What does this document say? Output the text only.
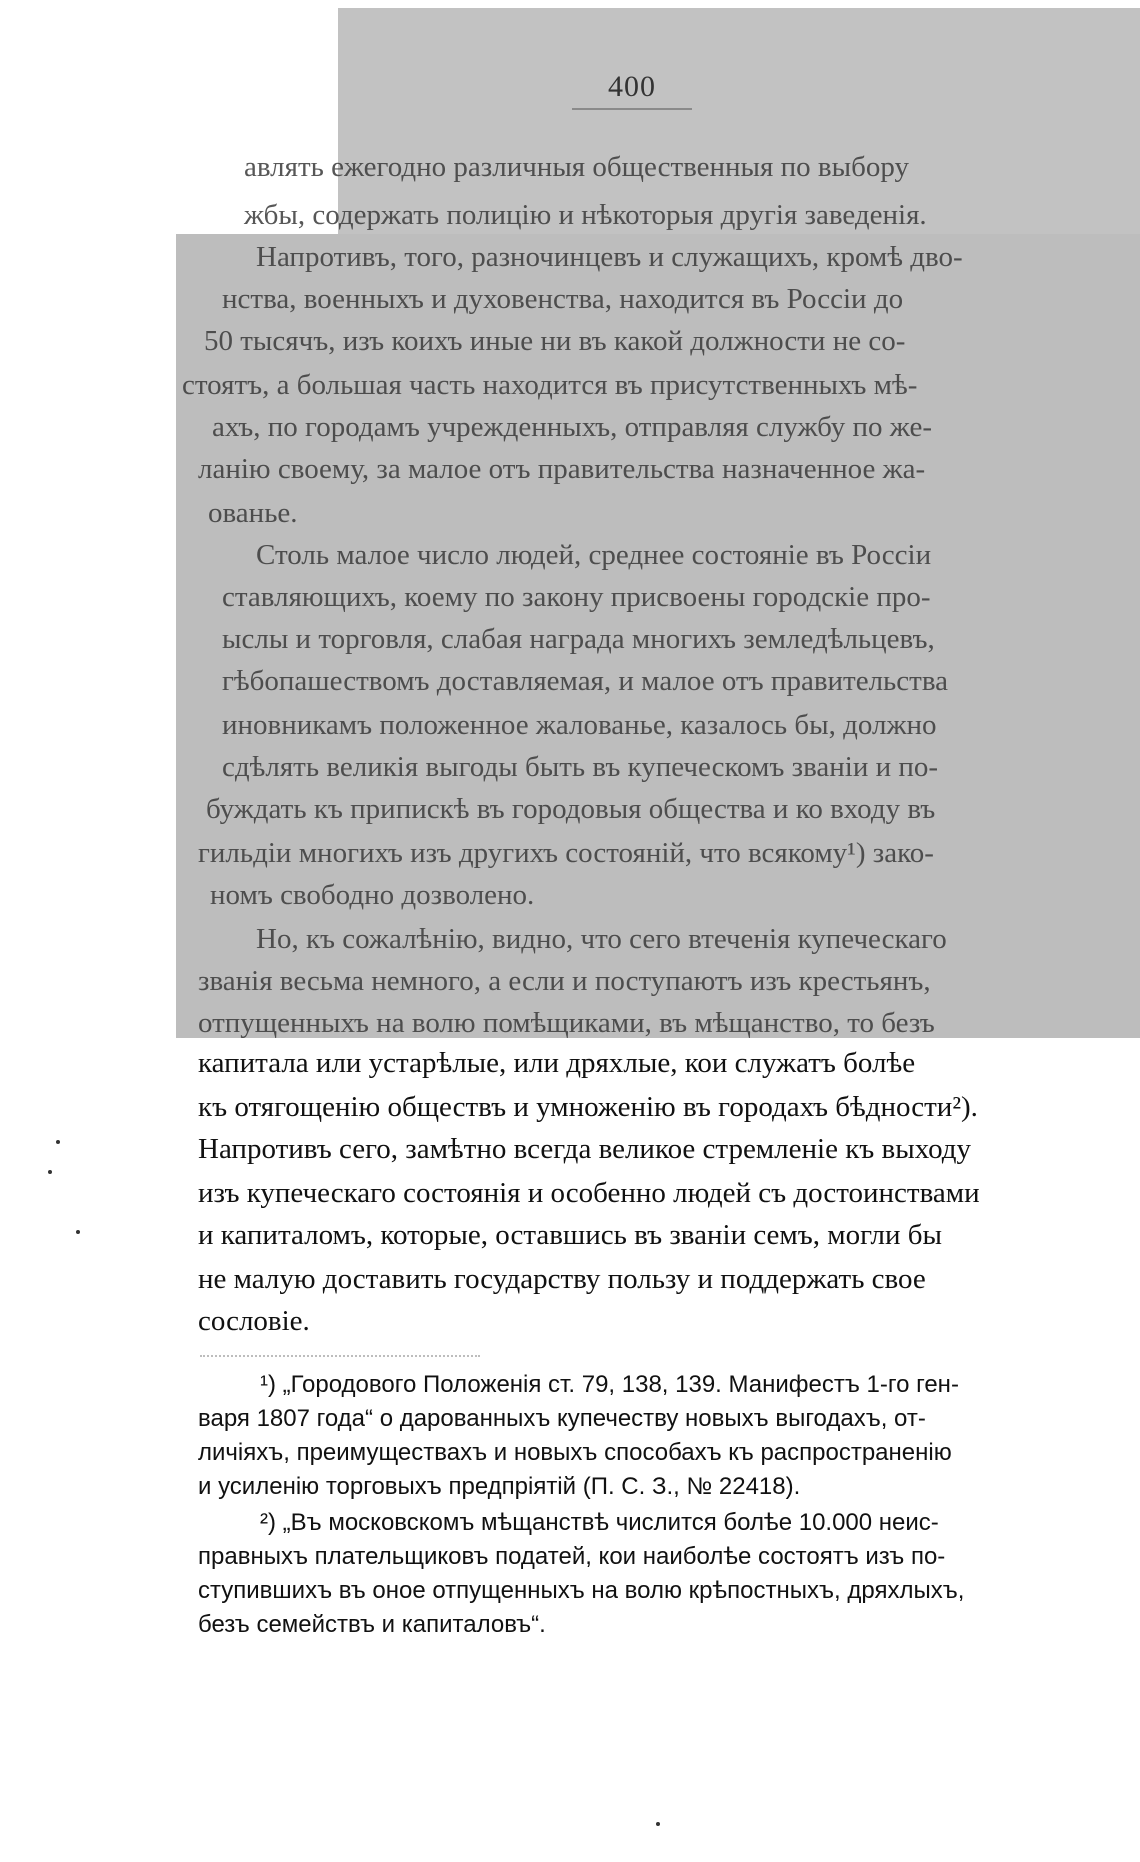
400
авлять ежегодно различныя общественныя по выбору
жбы, содержать полицію и нѣкоторыя другія заведенія.
Напротивъ, того, разночинцевъ и служащихъ, кромѣ дво-
нства, военныхъ и духовенства, находится въ Россіи до
50 тысячъ, изъ коихъ иные ни въ какой должности не со-
стоятъ, а большая часть находится въ присутственныхъ мѣ-
ахъ, по городамъ учрежденныхъ, отправляя службу по же-
ланію своему, за малое отъ правительства назначенное жа-
ованье.
Столь малое число людей, среднее состояніе въ Россіи
ставляющихъ, коему по закону присвоены городскіе про-
ыслы и торговля, слабая награда многихъ земледѣльцевъ,
гѣбопашествомъ доставляемая, и малое отъ правительства
иновникамъ положенное жалованье, казалось бы, должно
сдѣлять великія выгоды быть въ купеческомъ званіи и по-
буждать къ припискѣ въ городовыя общества и ко входу въ
гильдіи многихъ изъ другихъ состояній, что всякому¹) зако-
номъ свободно дозволено.
Но, къ сожалѣнію, видно, что сего втеченія купеческаго
званія весьма немного, а если и поступаютъ изъ крестьянъ,
отпущенныхъ на волю помѣщиками, въ мѣщанство, то безъ
капитала или устарѣлые, или дряхлые, кои служатъ болѣе
къ отягощенію обществъ и умноженію въ городахъ бѣдности²).
Напротивъ сего, замѣтно всегда великое стремленіе къ выходу
изъ купеческаго состоянія и особенно людей съ достоинствами
и капиталомъ, которые, оставшись въ званіи семъ, могли бы
не малую доставить государству пользу и поддержать свое
сословіе.
¹) „Городового Положенія ст. 79, 138, 139. Манифестъ 1-го ген-
варя 1807 года“ о дарованныхъ купечеству новыхъ выгодахъ, от-
личіяхъ, преимуществахъ и новыхъ способахъ къ распространенію
и усиленію торговыхъ предпріятій (П. С. З., № 22418).
²) „Въ московскомъ мѣщанствѣ числится болѣе 10.000 неис-
правныхъ плательщиковъ податей, кои наиболѣе состоятъ изъ по-
ступившихъ въ оное отпущенныхъ на волю крѣпостныхъ, дряхлыхъ,
безъ семействъ и капиталовъ“.
